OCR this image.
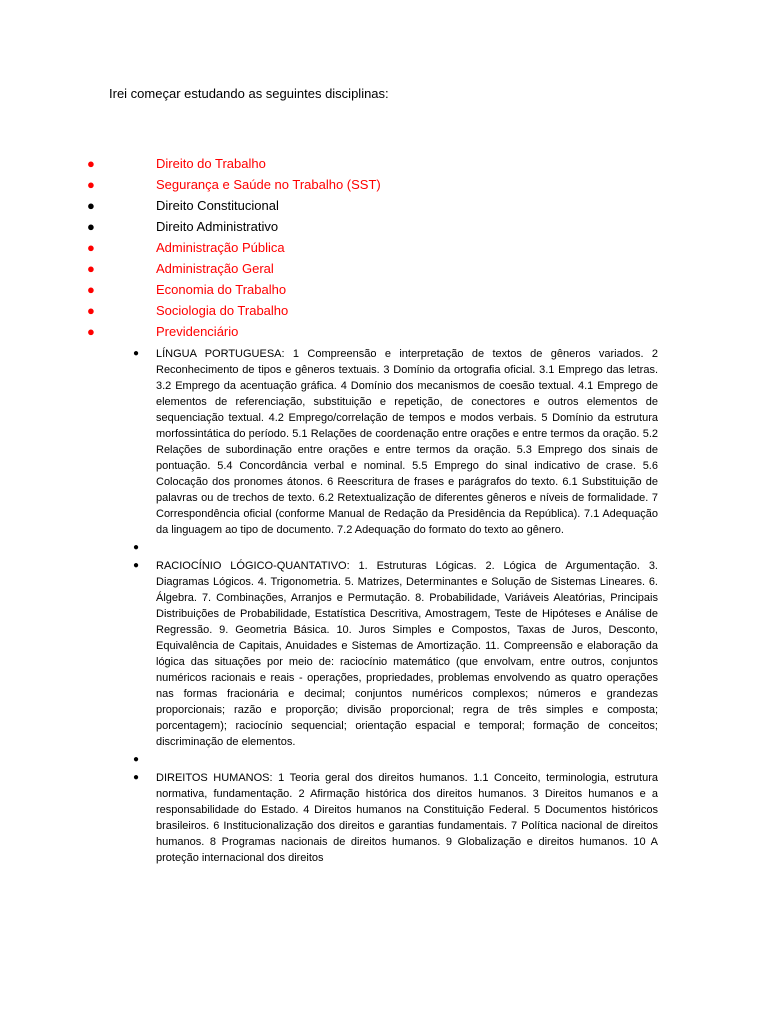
Irei começar estudando as seguintes disciplinas:
●	Direito do Trabalho
●	Segurança e Saúde no Trabalho (SST)
●	Direito Constitucional
●	Direito Administrativo
●	Administração Pública
●	Administração Geral
●	Economia do Trabalho
●	Sociologia do Trabalho
●	Previdenciário
● LÍNGUA PORTUGUESA: 1 Compreensão e interpretação de textos de gêneros variados. 2 Reconhecimento de tipos e gêneros textuais. 3 Domínio da ortografia oficial. 3.1 Emprego das letras. 3.2 Emprego da acentuação gráfica. 4 Domínio dos mecanismos de coesão textual. 4.1 Emprego de elementos de referenciação, substituição e repetição, de conectores e outros elementos de sequenciação textual. 4.2 Emprego/correlação de tempos e modos verbais. 5 Domínio da estrutura morfossintática do período. 5.1 Relações de coordenação entre orações e entre termos da oração. 5.2 Relações de subordinação entre orações e entre termos da oração. 5.3 Emprego dos sinais de pontuação. 5.4 Concordância verbal e nominal. 5.5 Emprego do sinal indicativo de crase. 5.6 Colocação dos pronomes átonos. 6 Reescritura de frases e parágrafos do texto. 6.1 Substituição de palavras ou de trechos de texto. 6.2 Retextualização de diferentes gêneros e níveis de formalidade. 7 Correspondência oficial (conforme Manual de Redação da Presidência da República). 7.1 Adequação da linguagem ao tipo de documento. 7.2 Adequação do formato do texto ao gênero.
●
● RACIOCÍNIO LÓGICO-QUANTATIVO: 1. Estruturas Lógicas. 2. Lógica de Argumentação. 3. Diagramas Lógicos. 4. Trigonometria. 5. Matrizes, Determinantes e Solução de Sistemas Lineares. 6. Álgebra. 7. Combinações, Arranjos e Permutação. 8. Probabilidade, Variáveis Aleatórias, Principais Distribuições de Probabilidade, Estatística Descritiva, Amostragem, Teste de Hipóteses e Análise de Regressão. 9. Geometria Básica. 10. Juros Simples e Compostos, Taxas de Juros, Desconto, Equivalência de Capitais, Anuidades e Sistemas de Amortização. 11. Compreensão e elaboração da lógica das situações por meio de: raciocínio matemático (que envolvam, entre outros, conjuntos numéricos racionais e reais - operações, propriedades, problemas envolvendo as quatro operações nas formas fracionária e decimal; conjuntos numéricos complexos; números e grandezas proporcionais; razão e proporção; divisão proporcional; regra de três simples e composta; porcentagem); raciocínio sequencial; orientação espacial e temporal; formação de conceitos; discriminação de elementos.
●
● DIREITOS HUMANOS: 1 Teoria geral dos direitos humanos. 1.1 Conceito, terminologia, estrutura normativa, fundamentação. 2 Afirmação histórica dos direitos humanos. 3 Direitos humanos e a responsabilidade do Estado. 4 Direitos humanos na Constituição Federal. 5 Documentos históricos brasileiros. 6 Institucionalização dos direitos e garantias fundamentais. 7 Política nacional de direitos humanos. 8 Programas nacionais de direitos humanos. 9 Globalização e direitos humanos. 10 A proteção internacional dos direitos
